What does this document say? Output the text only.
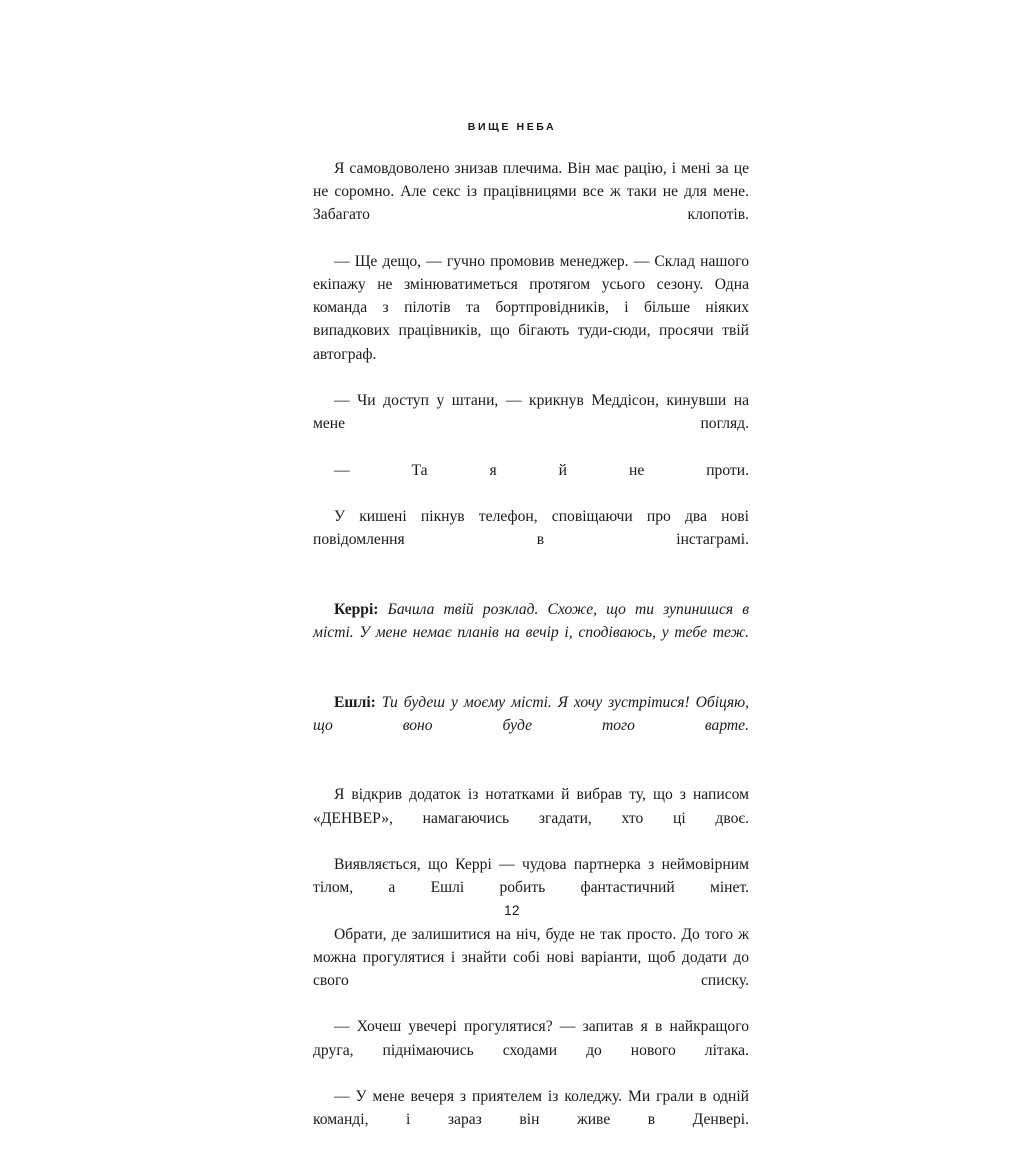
ВИЩЕ НЕБА

Я самовдоволено знизав плечима. Він має рацію, і мені за це не соромно. Але секс із працівницями все ж таки не для мене. Забагато клопотів.

— Ще дещо, — гучно промовив менеджер. — Склад нашого екіпажу не змінюватиметься протягом усього сезону. Одна команда з пілотів та бортпровідників, і більше ніяких випадкових працівників, що бігають туди-сюди, просячи твій автограф.

— Чи доступ у штани, — крикнув Меддісон, кинувши на мене погляд.

— Та я й не проти.

У кишені пікнув телефон, сповіщаючи про два нові повідомлення в інстаграмі.

Керрі: Бачила твій розклад. Схоже, що ти зупинишся в місті. У мене немає планів на вечір і, сподіваюсь, у тебе теж.

Ешлі: Ти будеш у моєму місті. Я хочу зустрітися! Обіцяю, що воно буде того варте.

Я відкрив додаток із нотатками й вибрав ту, що з написом «ДЕНВЕР», намагаючись згадати, хто ці двоє.

Виявляється, що Керрі — чудова партнерка з неймовірним тілом, а Ешлі робить фантастичний мінет.

Обрати, де залишитися на ніч, буде не так просто. До того ж можна прогулятися і знайти собі нові варіанти, щоб додати до свого списку.

— Хочеш увечері прогулятися? — запитав я в найкращого друга, піднімаючись сходами до нового літака.

— У мене вечеря з приятелем із коледжу. Ми грали в одній команді, і зараз він живе в Денвері.

12
